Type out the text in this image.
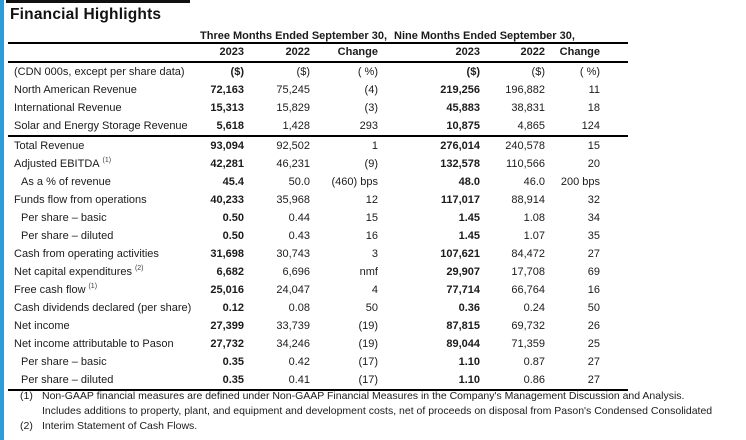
Financial Highlights
	Three Months Ended September 30,			Nine Months Ended September 30,		
	2023	2022	Change	2023	2022	Change
(CDN 000s, except per share data)	($)	($)	( %)	($)	($)	( %)
North American Revenue	72,163	75,245	(4)	219,256	196,882	11
International Revenue	15,313	15,829	(3)	45,883	38,831	18
Solar and Energy Storage Revenue	5,618	1,428	293	10,875	4,865	124
Total Revenue	93,094	92,502	1	276,014	240,578	15
Adjusted EBITDA $^{(1)}$	42,281	46,231	(9)	132,578	110,566	20
As a % of revenue	45.4	50.0	(460) bps	48.0	46.0	200 bps
Funds flow from operations	40,233	35,968	12	117,017	88,914	32
Per share – basic	0.50	0.44	15	1.45	1.08	34
Per share – diluted	0.50	0.43	16	1.45	1.07	35
Cash from operating activities	31,698	30,743	3	107,621	84,472	27
Net capital expenditures $^{(2)}$	6,682	6,696	nmf	29,907	17,708	69
Free cash flow $^{(1)}$	25,016	24,047	4	77,714	66,764	16
Cash dividends declared (per share)	0.12	0.08	50	0.36	0.24	50
Net income	27,399	33,739	(19)	87,815	69,732	26
Net income attributable to Pason	27,732	34,246	(19)	89,044	71,359	25
Per share – basic	0.35	0.42	(17)	1.10	0.87	27
Per share – diluted	0.35	0.41	(17)	1.10	0.86	27
(1) Non-GAAP financial measures are defined under Non-GAAP Financial Measures in the Company's Management Discussion and Analysis.
Includes additions to property, plant, and equipment and development costs, net of proceeds on disposal from Pason's Condensed Consolidated
(2) Interim Statement of Cash Flows.
